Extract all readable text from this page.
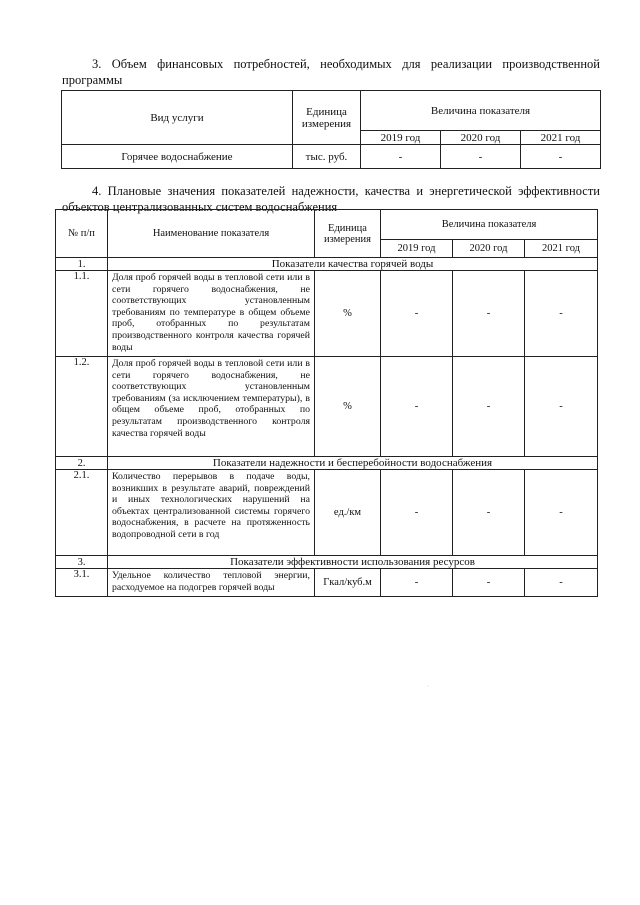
3. Объем финансовых потребностей, необходимых для реализации производственной программы

Вид услуги	Единица измерения	Величина показателя		
		2019 год	2020 год	2021 год
Горячее водоснабжение	тыс. руб.	-	-	-

4. Плановые значения показателей надежности, качества и энергетической эффективности объектов централизованных систем водоснабжения

№ п/п	Наименование показателя	Единица измерения	Величина показателя		
			2019 год	2020 год	2021 год
1.	Показатели качества горячей воды				
1.1.	Доля проб горячей воды в тепловой сети или в сети горячего водоснабжения, не соответствующих установленным требованиям по температуре в общем объеме проб, отобранных по результатам производственного контроля качества горячей воды	%	-	-	-
1.2.	Доля проб горячей воды в тепловой сети или в сети горячего водоснабжения, не соответствующих установленным требованиям (за исключением температуры), в общем объеме проб, отобранных по результатам производственного контроля качества горячей воды	%	-	-	-
2.	Показатели надежности и бесперебойности водоснабжения				
2.1.	Количество перерывов в подаче воды, возникших в результате аварий, повреждений и иных технологических нарушений на объектах централизованной системы горячего водоснабжения, в расчете на протяженность водопроводной сети в год	ед./км	-	-	-
3.	Показатели эффективности использования ресурсов				
3.1.	Удельное количество тепловой энергии, расходуемое на подогрев горячей воды	Гкал/куб.м	-	-	-
·
